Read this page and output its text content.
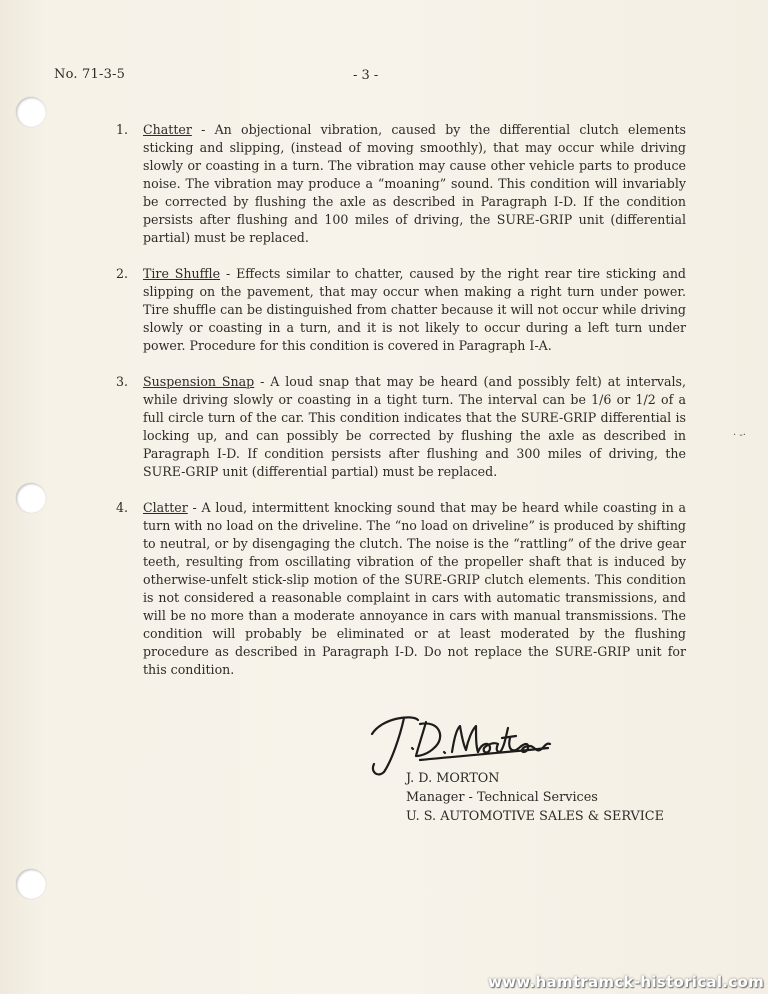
· -·
No. 71-3-5	- 3 -
1. Chatter - An objectional vibration, caused by the differential clutch elements sticking and slipping, (instead of moving smoothly), that may occur while driving slowly or coasting in a turn. The vibration may cause other vehicle parts to produce noise. The vibration may produce a “moaning” sound. This condition will invariably be corrected by flushing the axle as described in Paragraph I-D. If the condition persists after flushing and 100 miles of driving, the SURE-GRIP unit (differential partial) must be replaced.
2. Tire Shuffle - Effects similar to chatter, caused by the right rear tire sticking and slipping on the pavement, that may occur when making a right turn under power. Tire shuffle can be distinguished from chatter because it will not occur while driving slowly or coasting in a turn, and it is not likely to occur during a left turn under power. Procedure for this condition is covered in Paragraph I-A.
3. Suspension Snap - A loud snap that may be heard (and possibly felt) at intervals, while driving slowly or coasting in a tight turn. The interval can be 1/6 or 1/2 of a full circle turn of the car. This condition indicates that the SURE-GRIP differential is locking up, and can possibly be corrected by flushing the axle as described in Paragraph I-D. If condition persists after flushing and 300 miles of driving, the SURE-GRIP unit (differential partial) must be replaced.
4. Clatter - A loud, intermittent knocking sound that may be heard while coasting in a turn with no load on the driveline. The “no load on driveline” is produced by shifting to neutral, or by disengaging the clutch. The noise is the “rattling” of the drive gear teeth, resulting from oscillating vibration of the propeller shaft that is induced by otherwise-unfelt stick-slip motion of the SURE-GRIP clutch elements. This condition is not considered a reasonable complaint in cars with automatic transmissions, and will be no more than a moderate annoyance in cars with manual transmissions. The condition will probably be eliminated or at least moderated by the flushing procedure as described in Paragraph I-D. Do not replace the SURE-GRIP unit for this condition.
J. D. MORTON
Manager - Technical Services
U. S. AUTOMOTIVE SALES & SERVICE
www.hamtramck-historical.com
